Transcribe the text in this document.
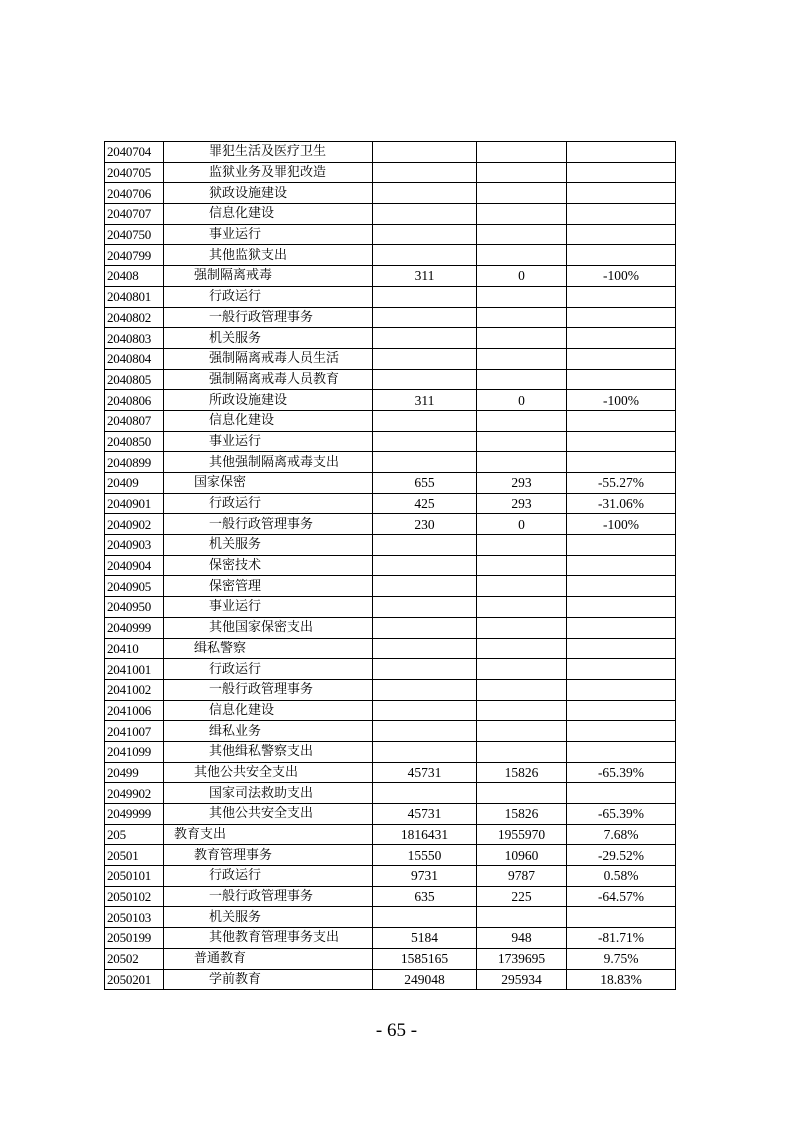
2040704	罪犯生活及医疗卫生			
2040705	监狱业务及罪犯改造			
2040706	狱政设施建设			
2040707	信息化建设			
2040750	事业运行			
2040799	其他监狱支出			
20408	强制隔离戒毒	311	0	-100%
2040801	行政运行			
2040802	一般行政管理事务			
2040803	机关服务			
2040804	强制隔离戒毒人员生活			
2040805	强制隔离戒毒人员教育			
2040806	所政设施建设	311	0	-100%
2040807	信息化建设			
2040850	事业运行			
2040899	其他强制隔离戒毒支出			
20409	国家保密	655	293	-55.27%
2040901	行政运行	425	293	-31.06%
2040902	一般行政管理事务	230	0	-100%
2040903	机关服务			
2040904	保密技术			
2040905	保密管理			
2040950	事业运行			
2040999	其他国家保密支出			
20410	缉私警察			
2041001	行政运行			
2041002	一般行政管理事务			
2041006	信息化建设			
2041007	缉私业务			
2041099	其他缉私警察支出			
20499	其他公共安全支出	45731	15826	-65.39%
2049902	国家司法救助支出			
2049999	其他公共安全支出	45731	15826	-65.39%
205	教育支出	1816431	1955970	7.68%
20501	教育管理事务	15550	10960	-29.52%
2050101	行政运行	9731	9787	0.58%
2050102	一般行政管理事务	635	225	-64.57%
2050103	机关服务			
2050199	其他教育管理事务支出	5184	948	-81.71%
20502	普通教育	1585165	1739695	9.75%
2050201	学前教育	249048	295934	18.83%
- 65 -
